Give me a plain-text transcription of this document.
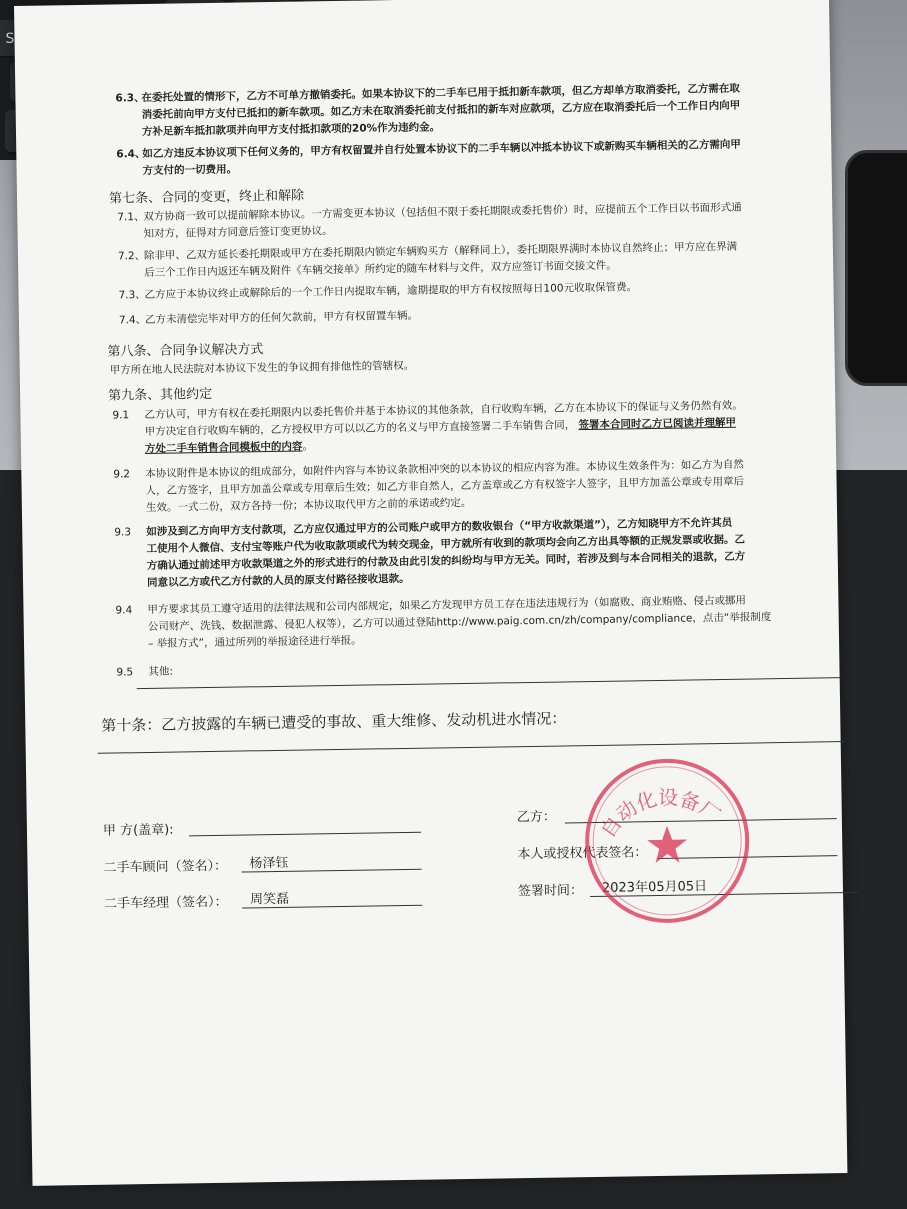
S
6.3、
在委托处置的情形下，乙方不可单方撤销委托。如果本协议下的二手车已用于抵扣新车款项，但乙方却单方取消委托，乙方需在取
消委托前向甲方支付已抵扣的新车款项。如乙方未在取消委托前支付抵扣的新车对应款项，乙方应在取消委托后一个工作日内向甲
方补足新车抵扣款项并向甲方支付抵扣款项的20%作为违约金。
6.4、
如乙方违反本协议项下任何义务的，甲方有权留置并自行处置本协议下的二手车辆以冲抵本协议下或新购买车辆相关的乙方需向甲
方支付的一切费用。
第七条、合同的变更，终止和解除
7.1、
双方协商一致可以提前解除本协议。一方需变更本协议（包括但不限于委托期限或委托售价）时，应提前五个工作日以书面形式通
知对方，征得对方同意后签订变更协议。
7.2、
除非甲、乙双方延长委托期限或甲方在委托期限内锁定车辆购买方（解释同上），委托期限界满时本协议自然终止；甲方应在界满
后三个工作日内返还车辆及附件《车辆交接单》所约定的随车材料与文件，双方应签订书面交接文件。
7.3、
乙方应于本协议终止或解除后的一个工作日内提取车辆，逾期提取的甲方有权按照每日100元收取保管费。
7.4、
乙方未清偿完毕对甲方的任何欠款前，甲方有权留置车辆。
第八条、合同争议解决方式
甲方所在地人民法院对本协议下发生的争议拥有排他性的管辖权。
第九条、其他约定
9.1 乙方认可，甲方有权在委托期限内以委托售价并基于本协议的其他条款，自行收购车辆，乙方在本协议下的保证与义务仍然有效。
甲方决定自行收购车辆的，乙方授权甲方可以以乙方的名义与甲方直接签署二手车销售合同， 签署本合同时乙方已阅读并理解甲
方处二手车销售合同模板中的内容。
9.2 本协议附件是本协议的组成部分，如附件内容与本协议条款相冲突的以本协议的相应内容为准。本协议生效条件为：如乙方为自然
人，乙方签字，且甲方加盖公章或专用章后生效；如乙方非自然人，乙方盖章或乙方有权签字人签字，且甲方加盖公章或专用章后
生效。一式二份，双方各持一份；本协议取代甲方之前的承诺或约定。
9.3 如涉及到乙方向甲方支付款项，乙方应仅通过甲方的公司账户或甲方的数收银台（“甲方收款渠道”），乙方知晓甲方不允许其员
工使用个人微信、支付宝等账户代为收取款项或代为转交现金，甲方就所有收到的款项均会向乙方出具等额的正规发票或收据。乙
方确认通过前述甲方收款渠道之外的形式进行的付款及由此引发的纠纷均与甲方无关。同时，若涉及到与本合同相关的退款，乙方
同意以乙方或代乙方付款的人员的原支付路径接收退款。
9.4 甲方要求其员工遵守适用的法律法规和公司内部规定，如果乙方发现甲方员工存在违法违规行为（如腐败、商业贿赂、侵占或挪用
公司财产、洗钱、数据泄露、侵犯人权等），乙方可以通过登陆http://www.paig.com.cn/zh/company/compliance，点击“举报制度
– 举报方式”，通过所列的举报途径进行举报。
9.5 其他:
第十条：乙方披露的车辆已遭受的事故、重大维修、发动机进水情况：
甲 方(盖章):
二手车顾问（签名）： 杨泽钰
二手车经理（签名）： 周笑磊
乙方：
本人或授权代表签名：
签署时间： 2023年05月05日
自动化设备厂
